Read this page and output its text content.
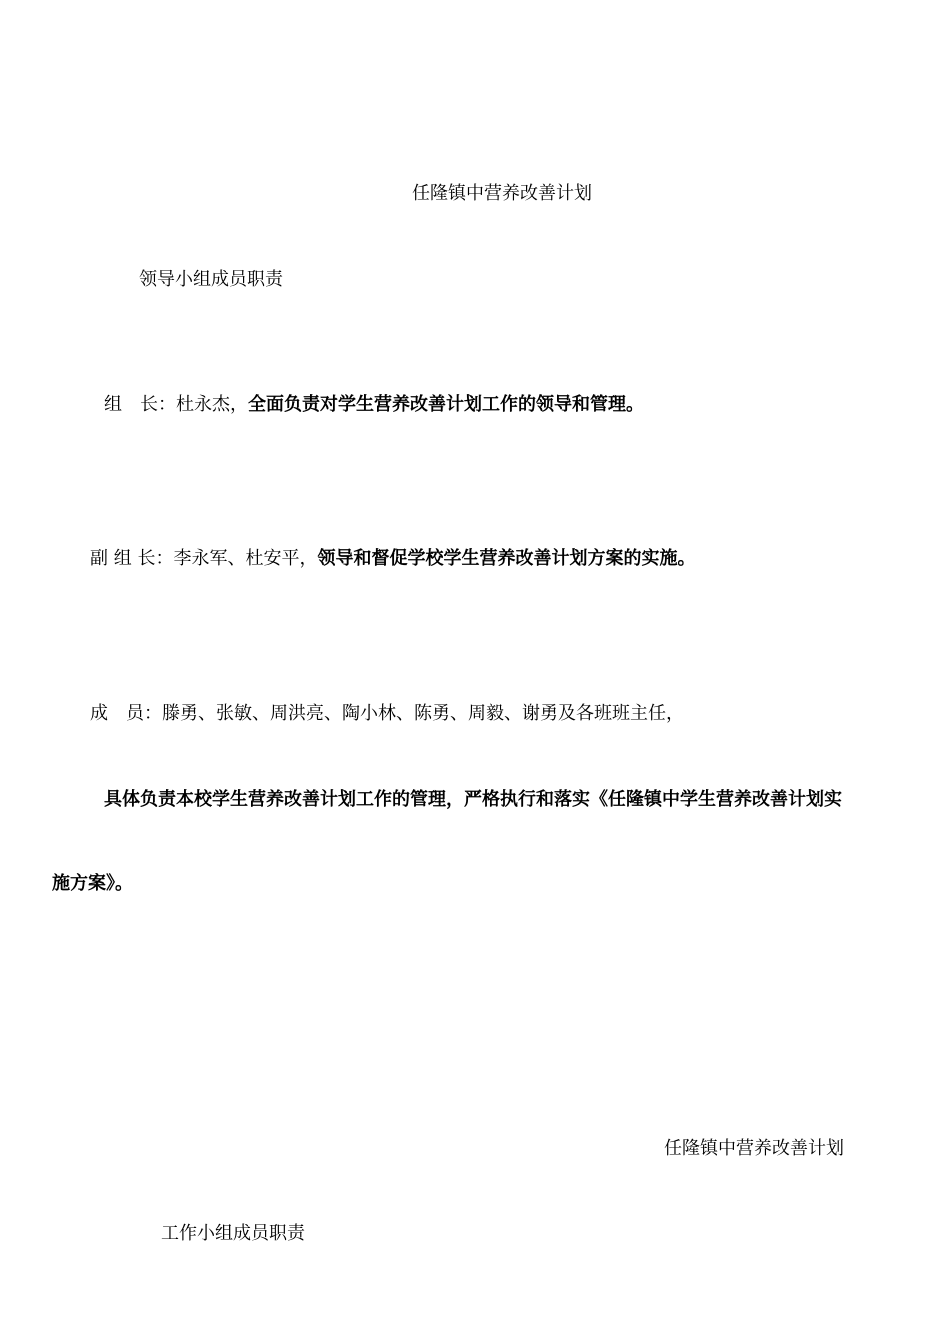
任隆镇中营养改善计划
领导小组成员职责
组　长：杜永杰，全面负责对学生营养改善计划工作的领导和管理。
副 组 长：李永军、杜安平，领导和督促学校学生营养改善计划方案的实施。
成　员：滕勇、张敏、周洪亮、陶小林、陈勇、周毅、谢勇及各班班主任，
具体负责本校学生营养改善计划工作的管理，严格执行和落实《任隆镇中学生营养改善计划实
施方案》。
任隆镇中营养改善计划
工作小组成员职责
